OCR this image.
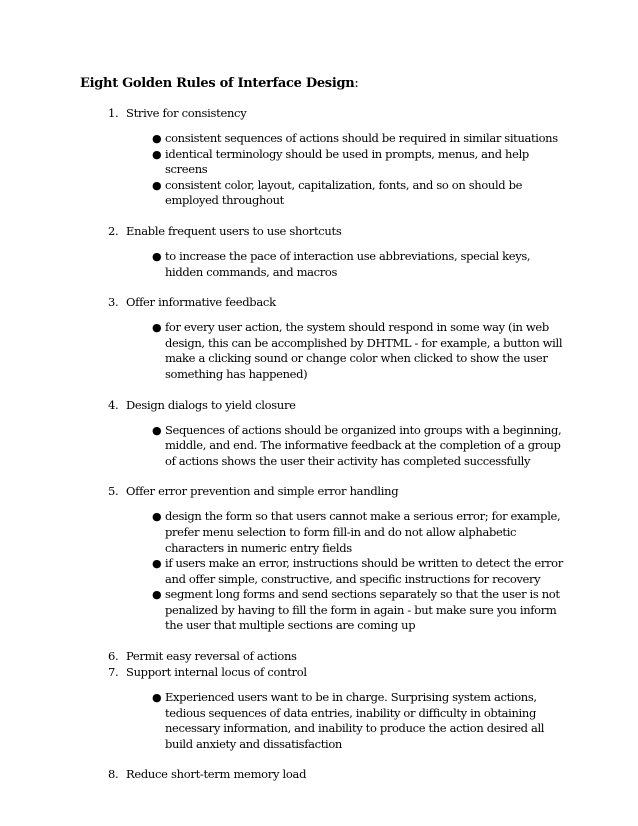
Eight Golden Rules of Interface Design:
1. Strive for consistency
● consistent sequences of actions should be required in similar situations
● identical terminology should be used in prompts, menus, and help screens
● consistent color, layout, capitalization, fonts, and so on should be employed throughout
2. Enable frequent users to use shortcuts
● to increase the pace of interaction use abbreviations, special keys, hidden commands, and macros
3. Offer informative feedback
● for every user action, the system should respond in some way (in web design, this can be accomplished by DHTML - for example, a button will make a clicking sound or change color when clicked to show the user something has happened)
4. Design dialogs to yield closure
● Sequences of actions should be organized into groups with a beginning, middle, and end. The informative feedback at the completion of a group of actions shows the user their activity has completed successfully
5. Offer error prevention and simple error handling
● design the form so that users cannot make a serious error; for example, prefer menu selection to form fill-in and do not allow alphabetic characters in numeric entry fields
● if users make an error, instructions should be written to detect the error and offer simple, constructive, and specific instructions for recovery
● segment long forms and send sections separately so that the user is not penalized by having to fill the form in again - but make sure you inform the user that multiple sections are coming up
6. Permit easy reversal of actions
7. Support internal locus of control
● Experienced users want to be in charge. Surprising system actions, tedious sequences of data entries, inability or difficulty in obtaining necessary information, and inability to produce the action desired all build anxiety and dissatisfaction
8. Reduce short-term memory load
